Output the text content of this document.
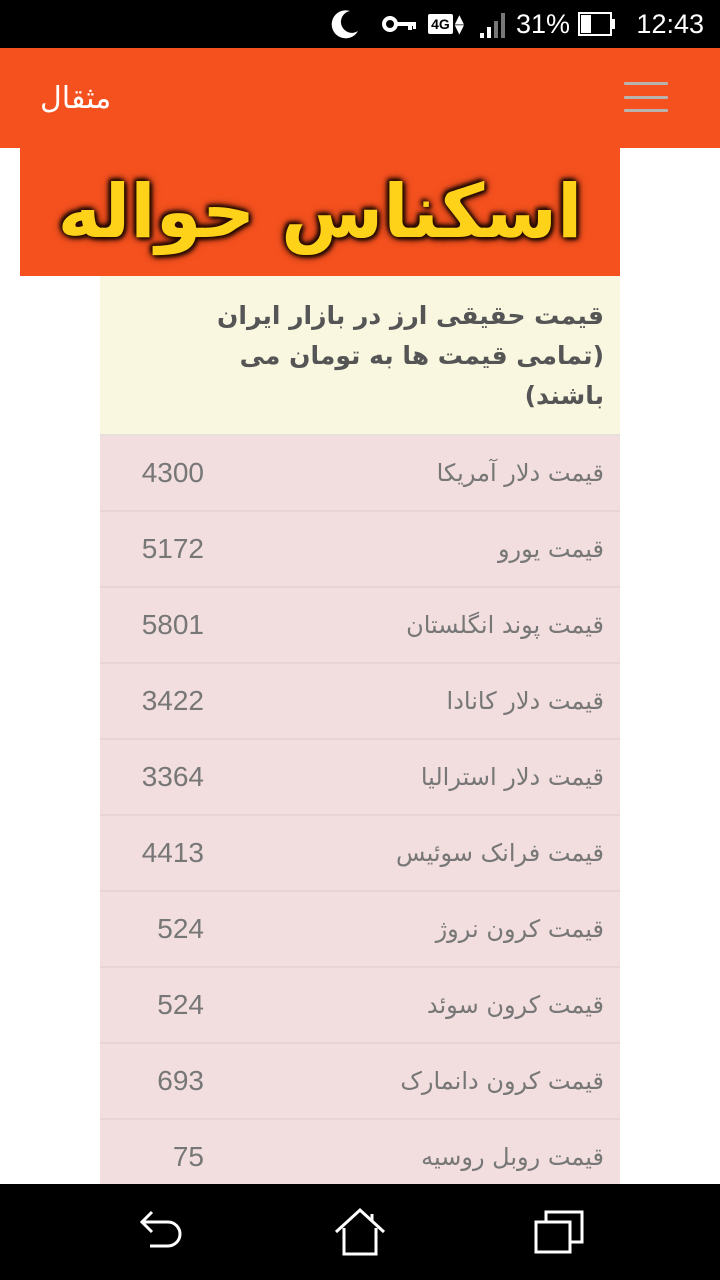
4G ▲
▼ 31% 12:43
مثقال
اسکناس حواله
قیمت حقیقی ارز در بازار ایران (تمامی قیمت ها به تومان می باشند)
قیمت دلار آمریکا
4300
قیمت یورو
5172
قیمت پوند انگلستان
5801
قیمت دلار کانادا
3422
قیمت دلار استرالیا
3364
قیمت فرانک سوئیس
4413
قیمت کرون نروژ
524
قیمت کرون سوئد
524
قیمت کرون دانمارک
693
قیمت روبل روسیه
75
